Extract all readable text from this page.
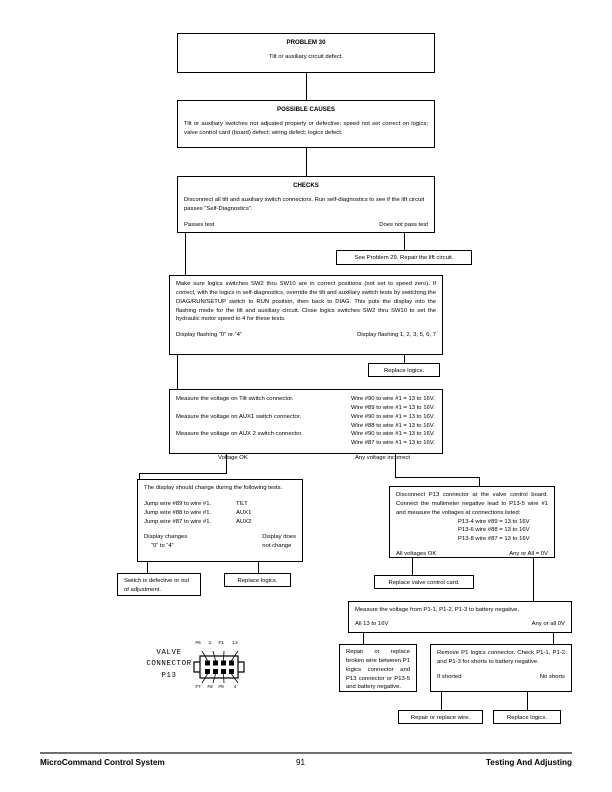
PROBLEM 30
Tilt or auxiliary circuit defect.
POSSIBLE CAUSES
Tilt or auxiliary switches not adjusted properly or defective; speed not set correct on logics; valve control card (board) defect; wiring defect; logics defect.
CHECKS
Disconnect all tilt and auxiliary switch connectors. Run self-diagnostics to see if the lift circuit passes "Self-Diagnostics".
Passes test	Does not pass test
See Problem 29. Repair the lift circuit.
Make sure logics switches SW2 thru SW10 are in correct positions (not set to speed zero). If correct, with the logics in self-diagnostics, override the tilt and auxiliary switch tests by switching the DIAG/RUN/SETUP switch to RUN position, then back to DIAG. This puts the display into the flashing mode for the tilt and auxiliary circuit. Close logics switches SW2 thru SW10 to set the hydraulic motor speed to 4 for these tests.
Display flashing “0” or “4”	Display flashing 1, 2, 3, 5, 6, 7
Replace logics.
Measure the voltage on Tilt switch connector.	Wire #90 to wire #1 = 13 to 16V.
Wire #89 to wire #1 = 13 to 16V.
Measure the voltage on AUX1 switch connector.	Wire #90 to wire #1 = 13 to 16V.
Wire #88 to wire #1 = 13 to 16V.
Measure the voltage on AUX 2 switch connector.	Wire #90 to wire #1 = 13 to 16V.
Wire #87 to wire #1 = 13 to 16V.
Voltage OK	Any voltage incorrect
The display should change during the following tests.
Jump wire #89 to wire #1.	TILT
Jump wire #88 to wire #1.	AUX1
Jump wire #87 to wire #1.	AUX2
Display changes
“0” to “4”
Display does
not change
Switch is defective or out of adjustment.
Replace logics.
Disconnect P13 connector at the valve control board. Connect the multimeter negative lead to P13-5 wire #1 and measure the voltages at connections listed:
P13-4 wire #89 = 13 to 16V
P13-6 wire #88 = 13 to 16V
P13-8 wire #87 = 13 to 16V
All voltages OK	Any or All = 0V
Replace valve control card.
Measure the voltage from P1-1, P1-2, P1-3 to battery negative.
All 13 to 16V	Any or all 0V
Repair or replace broken wire between P1 logics connector and P13 connector or P13-5 and battery negative.
Remove P1 logics connector. Check P1-1, P1-2 and P1-3 for shorts to battery negative.
If shorted	No shorts
Repair or replace wire.	Replace logics.
VALVE
CONNECTOR
P13
#6	1	#1	13
#7	#8	#9	4
MicroCommand Control System	91	Testing And Adjusting
